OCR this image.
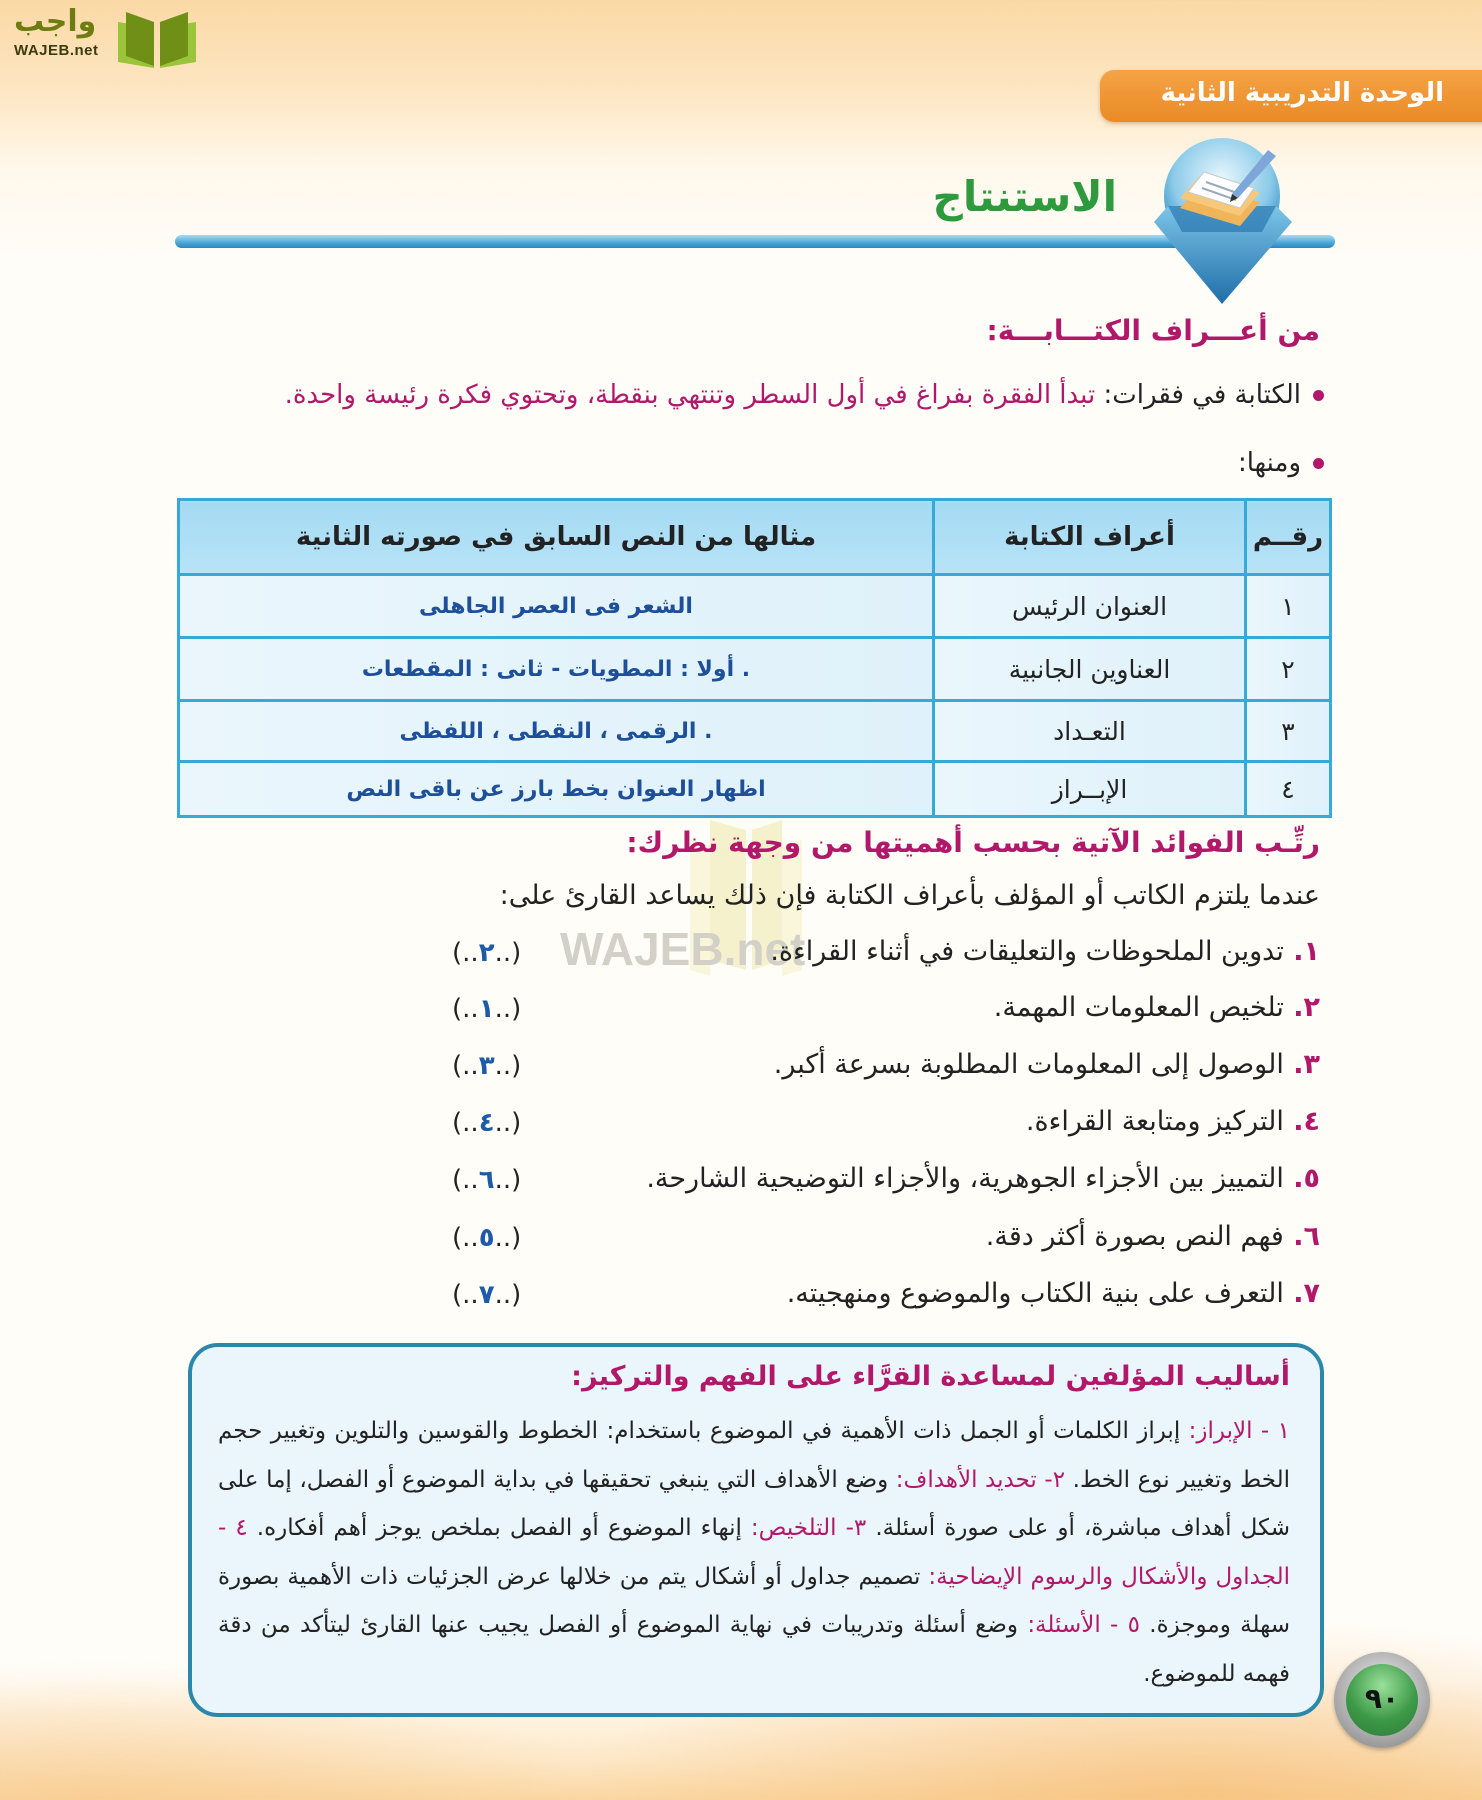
واجب
WAJEB.net
الوحدة التدريبية الثانية
الاستنتاج
من أعـــراف الكتـــابـــة:
الكتابة في فقرات: تبدأ الفقرة بفراغ في أول السطر وتنتهي بنقطة، وتحتوي فكرة رئيسة واحدة.
ومنها:
رقــم	أعراف الكتابة	مثالها من النص السابق في صورته الثانية
١	العنوان الرئيس	الشعر فى العصر الجاهلى
٢	العناوين الجانبية	. أولا : المطويات - ثانى : المقطعات
٣	التعـداد	. الرقمى ، النقطى ، اللفظى
٤	الإبــراز	اظهار العنوان بخط بارز عن باقى النص
WAJEB.net
رتِّـب الفوائد الآتية بحسب أهميتها من وجهة نظرك:
عندما يلتزم الكاتب أو المؤلف بأعراف الكتابة فإن ذلك يساعد القارئ على:
١. تدوين الملحوظات والتعليقات في أثناء القراءة.
(..٢..)
٢. تلخيص المعلومات المهمة.
(..١..)
٣. الوصول إلى المعلومات المطلوبة بسرعة أكبر.
(..٣..)
٤. التركيز ومتابعة القراءة.
(..٤..)
٥. التمييز بين الأجزاء الجوهرية، والأجزاء التوضيحية الشارحة.
(..٦..)
٦. فهم النص بصورة أكثر دقة.
(..٥..)
٧. التعرف على بنية الكتاب والموضوع ومنهجيته.
(..٧..)
أساليب المؤلفين لمساعدة القرَّاء على الفهم والتركيز:
١ - الإبراز: إبراز الكلمات أو الجمل ذات الأهمية في الموضوع باستخدام: الخطوط والقوسين والتلوين وتغيير حجم الخط وتغيير نوع الخط. ٢- تحديد الأهداف: وضع الأهداف التي ينبغي تحقيقها في بداية الموضوع أو الفصل، إما على شكل أهداف مباشرة، أو على صورة أسئلة. ٣- التلخيص: إنهاء الموضوع أو الفصل بملخص يوجز أهم أفكاره. ٤ - الجداول والأشكال والرسوم الإيضاحية: تصميم جداول أو أشكال يتم من خلالها عرض الجزئيات ذات الأهمية بصورة سهلة وموجزة. ٥ - الأسئلة: وضع أسئلة وتدريبات في نهاية الموضوع أو الفصل يجيب عنها القارئ ليتأكد من دقة فهمه للموضوع.
٩٠
